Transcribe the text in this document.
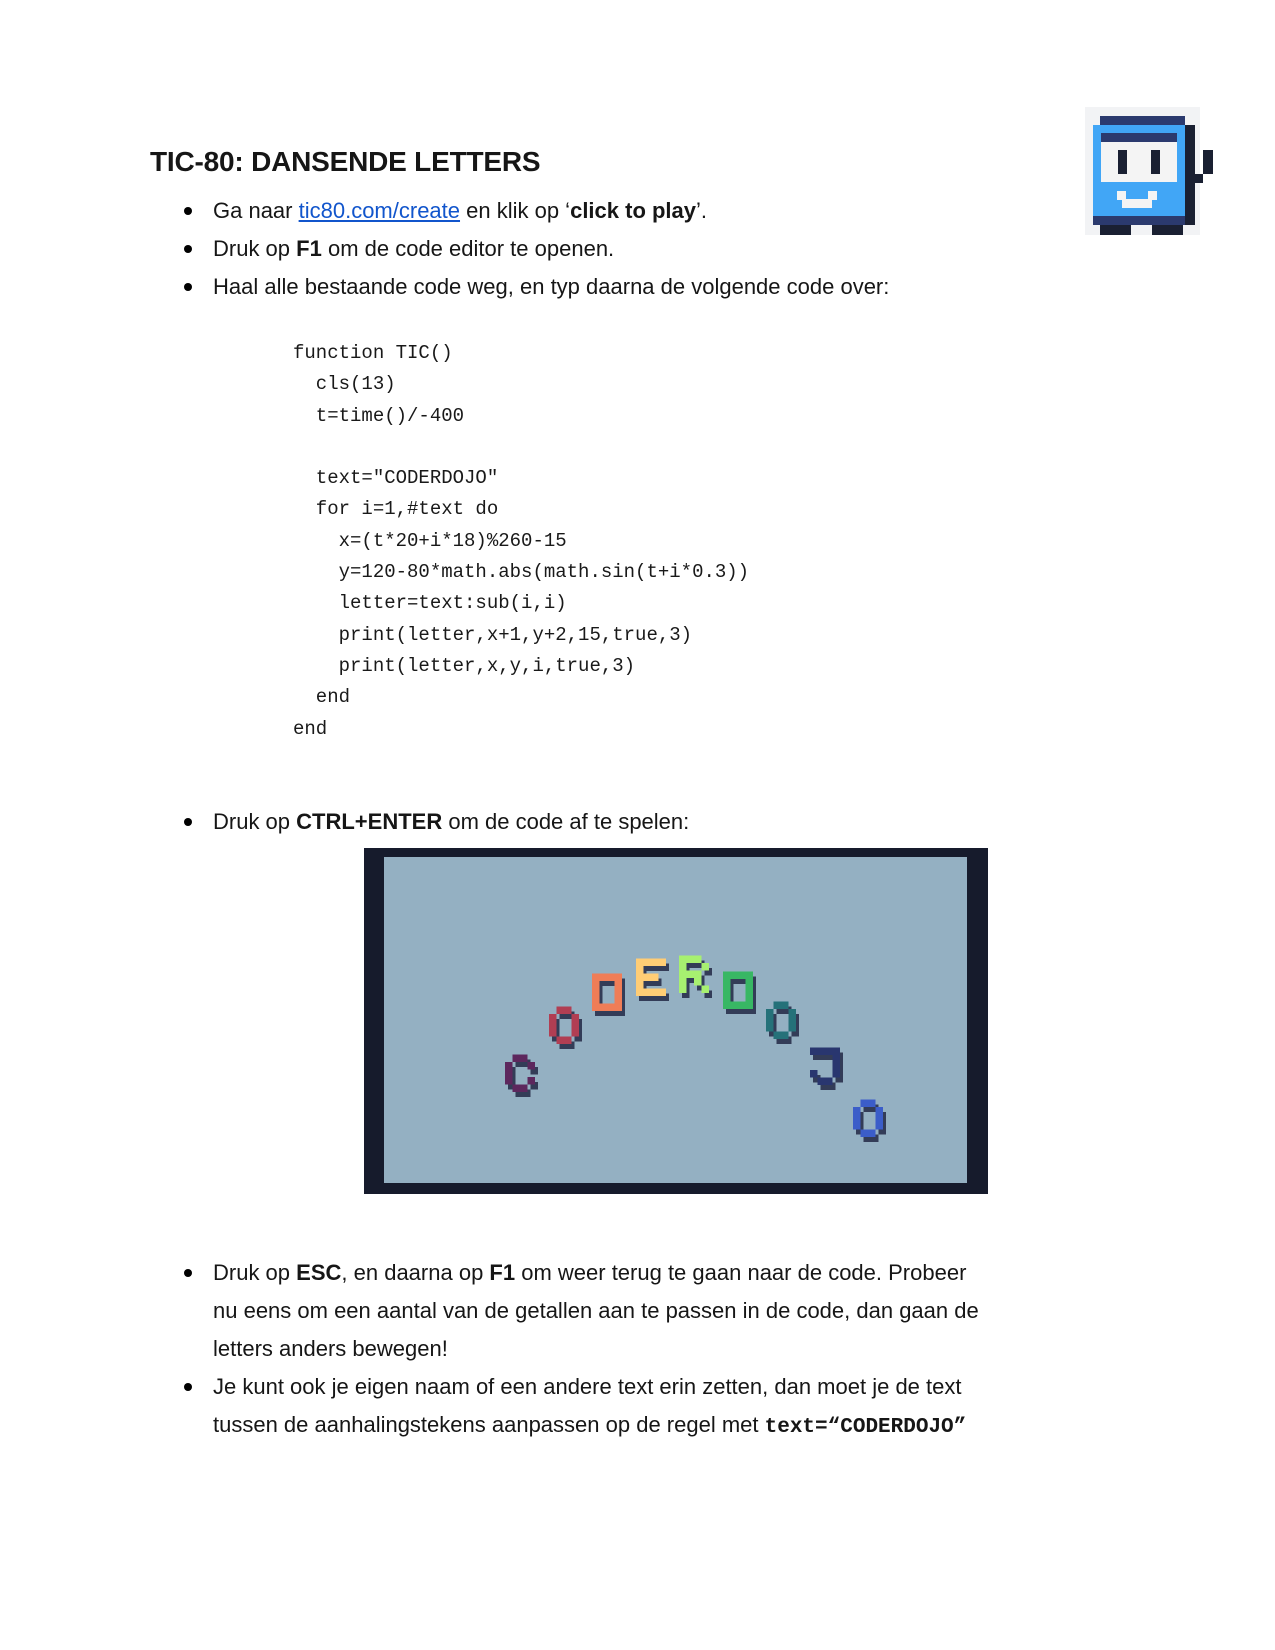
TIC-80: DANSENDE LETTERS
Ga naar tic80.com/create en klik op ‘click to play’.
Druk op F1 om de code editor te openen.
Haal alle bestaande code weg, en typ daarna de volgende code over:
function TIC()
cls(13)
t=time()/-400

text="CODERDOJO"
for i=1,#text do
x=(t*20+i*18)%260-15
y=120-80*math.abs(math.sin(t+i*0.3))
letter=text:sub(i,i)
print(letter,x+1,y+2,15,true,3)
print(letter,x,y,i,true,3)
end
end
Druk op CTRL+ENTER om de code af te spelen:
Druk op ESC, en daarna op F1 om weer terug te gaan naar de code. Probeer
nu eens om een aantal van de getallen aan te passen in de code, dan gaan de
letters anders bewegen!
Je kunt ook je eigen naam of een andere text erin zetten, dan moet je de text
tussen de aanhalingstekens aanpassen op de regel met text=“CODERDOJO”
